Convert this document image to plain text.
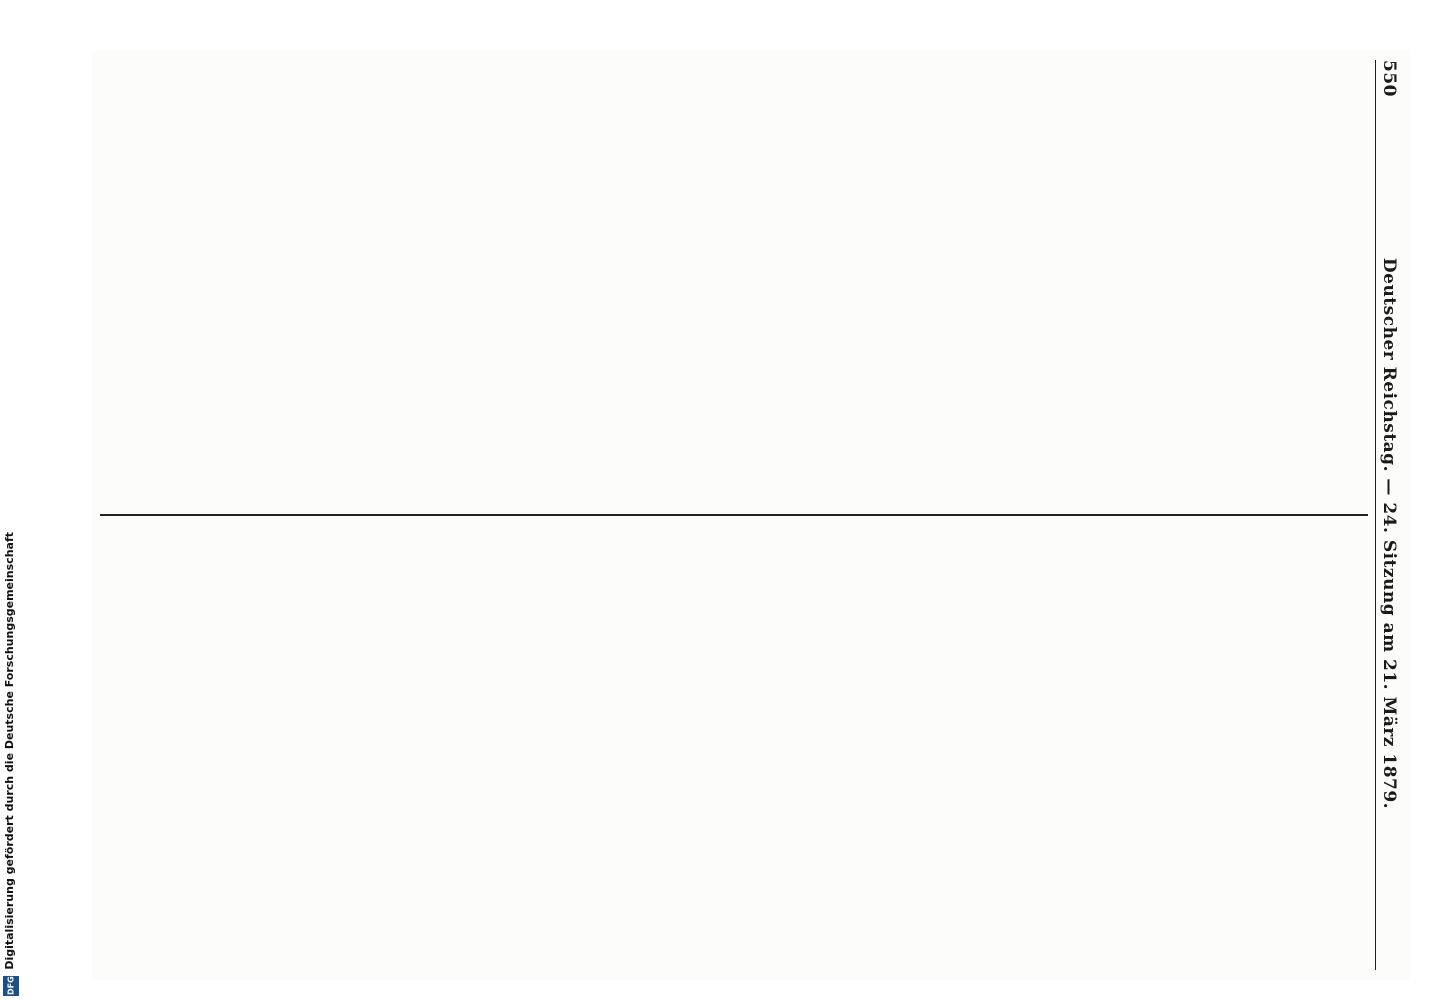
550
Deutscher Reichstag. — 24. Sitzung am 21. März 1879.
Digitalisierung gefördert durch die Deutsche Forschungsgemeinschaft
DFG
